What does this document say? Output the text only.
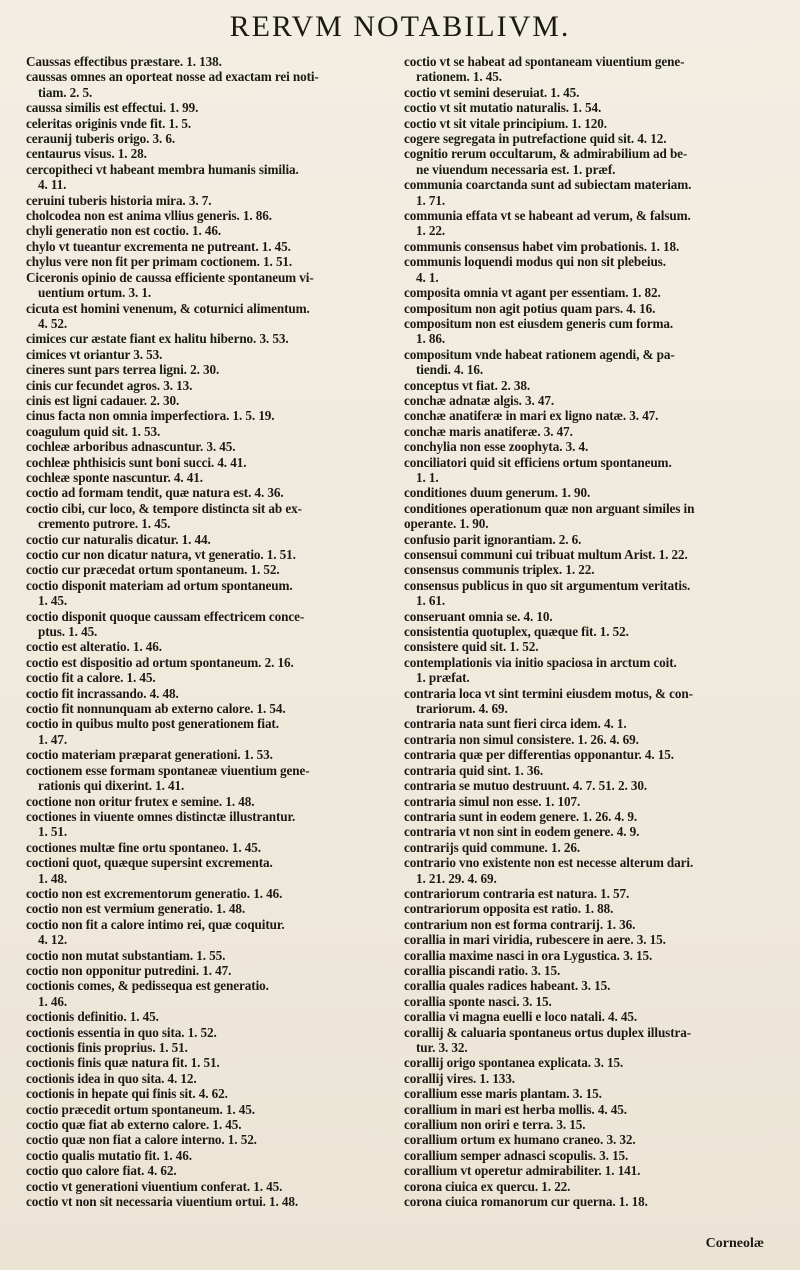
RERVM NOTABILIVM.
Caussas effectibus præstare. 1. 138.
caussas omnes an oporteat nosse ad exactam rei noti-
tiam. 2. 5.
caussa similis est effectui. 1. 99.
celeritas originis vnde fit. 1. 5.
ceraunij tuberis origo. 3. 6.
centaurus visus. 1. 28.
cercopitheci vt habeant membra humanis similia.
4. 11.
ceruini tuberis historia mira. 3. 7.
cholcodea non est anima vllius generis. 1. 86.
chyli generatio non est coctio. 1. 46.
chylo vt tueantur excrementa ne putreant. 1. 45.
chylus vere non fit per primam coctionem. 1. 51.
Ciceronis opinio de caussa efficiente spontaneum vi-
uentium ortum. 3. 1.
cicuta est homini venenum, & coturnici alimentum.
4. 52.
cimices cur æstate fiant ex halitu hiberno. 3. 53.
cimices vt oriantur 3. 53.
cineres sunt pars terrea ligni. 2. 30.
cinis cur fecundet agros. 3. 13.
cinis est ligni cadauer. 2. 30.
cinus facta non omnia imperfectiora. 1. 5. 19.
coagulum quid sit. 1. 53.
cochleæ arboribus adnascuntur. 3. 45.
cochleæ phthisicis sunt boni succi. 4. 41.
cochleæ sponte nascuntur. 4. 41.
coctio ad formam tendit, quæ natura est. 4. 36.
coctio cibi, cur loco, & tempore distincta sit ab ex-
cremento putrore. 1. 45.
coctio cur naturalis dicatur. 1. 44.
coctio cur non dicatur natura, vt generatio. 1. 51.
coctio cur præcedat ortum spontaneum. 1. 52.
coctio disponit materiam ad ortum spontaneum.
1. 45.
coctio disponit quoque caussam effectricem conce-
ptus. 1. 45.
coctio est alteratio. 1. 46.
coctio est dispositio ad ortum spontaneum. 2. 16.
coctio fit a calore. 1. 45.
coctio fit incrassando. 4. 48.
coctio fit nonnunquam ab externo calore. 1. 54.
coctio in quibus multo post generationem fiat.
1. 47.
coctio materiam præparat generationi. 1. 53.
coctionem esse formam spontaneæ viuentium gene-
rationis qui dixerint. 1. 41.
coctione non oritur frutex e semine. 1. 48.
coctiones in viuente omnes distinctæ illustrantur.
1. 51.
coctiones multæ fine ortu spontaneo. 1. 45.
coctioni quot, quæque supersint excrementa.
1. 48.
coctio non est excrementorum generatio. 1. 46.
coctio non est vermium generatio. 1. 48.
coctio non fit a calore intimo rei, quæ coquitur.
4. 12.
coctio non mutat substantiam. 1. 55.
coctio non opponitur putredini. 1. 47.
coctionis comes, & pedissequa est generatio.
1. 46.
coctionis definitio. 1. 45.
coctionis essentia in quo sita. 1. 52.
coctionis finis proprius. 1. 51.
coctionis finis quæ natura fit. 1. 51.
coctionis idea in quo sita. 4. 12.
coctionis in hepate qui finis sit. 4. 62.
coctio præcedit ortum spontaneum. 1. 45.
coctio quæ fiat ab externo calore. 1. 45.
coctio quæ non fiat a calore interno. 1. 52.
coctio qualis mutatio fit. 1. 46.
coctio quo calore fiat. 4. 62.
coctio vt generationi viuentium conferat. 1. 45.
coctio vt non sit necessaria viuentium ortui. 1. 48.
coctio vt se habeat ad spontaneam viuentium gene-
rationem. 1. 45.
coctio vt semini deseruiat. 1. 45.
coctio vt sit mutatio naturalis. 1. 54.
coctio vt sit vitale principium. 1. 120.
cogere segregata in putrefactione quid sit. 4. 12.
cognitio rerum occultarum, & admirabilium ad be-
ne viuendum necessaria est. 1. præf.
communia coarctanda sunt ad subiectam materiam.
1. 71.
communia effata vt se habeant ad verum, & falsum.
1. 22.
communis consensus habet vim probationis. 1. 18.
communis loquendi modus qui non sit plebeius.
4. 1.
composita omnia vt agant per essentiam. 1. 82.
compositum non agit potius quam pars. 4. 16.
compositum non est eiusdem generis cum forma.
1. 86.
compositum vnde habeat rationem agendi, & pa-
tiendi. 4. 16.
conceptus vt fiat. 2. 38.
conchæ adnatæ algis. 3. 47.
conchæ anatiferæ in mari ex ligno natæ. 3. 47.
conchæ maris anatiferæ. 3. 47.
conchylia non esse zoophyta. 3. 4.
conciliatori quid sit efficiens ortum spontaneum.
1. 1.
conditiones duum generum. 1. 90.
conditiones operationum quæ non arguant similes in
operante. 1. 90.
confusio parit ignorantiam. 2. 6.
consensui communi cui tribuat multum Arist. 1. 22.
consensus communis triplex. 1. 22.
consensus publicus in quo sit argumentum veritatis.
1. 61.
conseruant omnia se. 4. 10.
consistentia quotuplex, quæque fit. 1. 52.
consistere quid sit. 1. 52.
contemplationis via initio spaciosa in arctum coit.
1. præfat.
contraria loca vt sint termini eiusdem motus, & con-
trariorum. 4. 69.
contraria nata sunt fieri circa idem. 4. 1.
contraria non simul consistere. 1. 26. 4. 69.
contraria quæ per differentias opponantur. 4. 15.
contraria quid sint. 1. 36.
contraria se mutuo destruunt. 4. 7. 51. 2. 30.
contraria simul non esse. 1. 107.
contraria sunt in eodem genere. 1. 26. 4. 9.
contraria vt non sint in eodem genere. 4. 9.
contrarijs quid commune. 1. 26.
contrario vno existente non est necesse alterum dari.
1. 21. 29. 4. 69.
contrariorum contraria est natura. 1. 57.
contrariorum opposita est ratio. 1. 88.
contrarium non est forma contrarij. 1. 36.
corallia in mari viridia, rubescere in aere. 3. 15.
corallia maxime nasci in ora Lygustica. 3. 15.
corallia piscandi ratio. 3. 15.
corallia quales radices habeant. 3. 15.
corallia sponte nasci. 3. 15.
corallia vi magna euelli e loco natali. 4. 45.
corallij & caluaria spontaneus ortus duplex illustra-
tur. 3. 32.
corallij origo spontanea explicata. 3. 15.
corallij vires. 1. 133.
corallium esse maris plantam. 3. 15.
corallium in mari est herba mollis. 4. 45.
corallium non oriri e terra. 3. 15.
corallium ortum ex humano craneo. 3. 32.
corallium semper adnasci scopulis. 3. 15.
corallium vt operetur admirabiliter. 1. 141.
corona ciuica ex quercu. 1. 22.
corona ciuica romanorum cur querna. 1. 18.
Corneolæ
